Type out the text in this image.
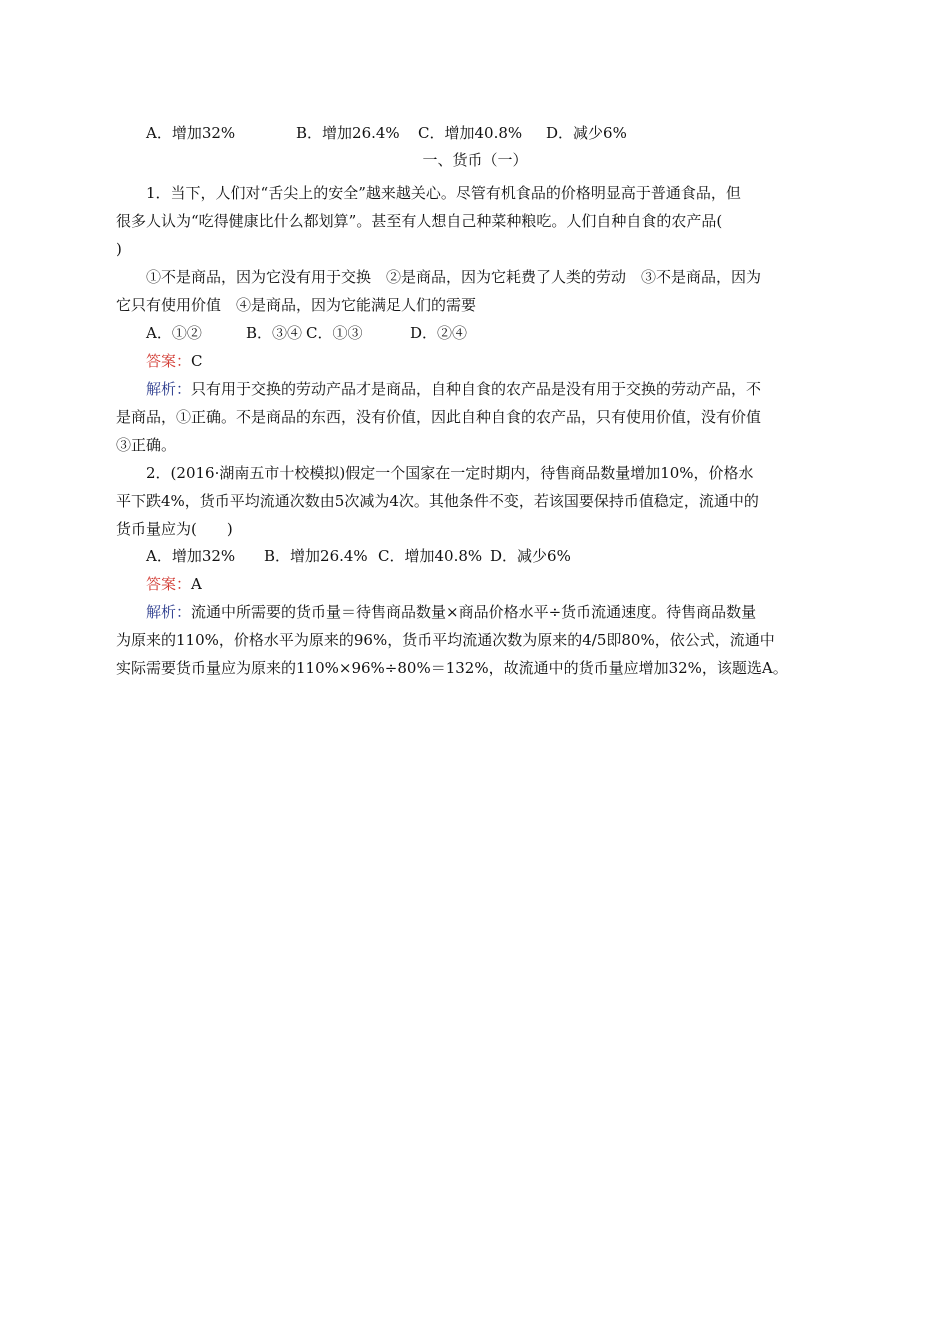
A．增加32%	B．增加26.4% C．增加40.8% D．减少6%
一、货币（一）
1．当下，人们对“舌尖上的安全”越来越关心。尽管有机食品的价格明显高于普通食品，但
很多人认为“吃得健康比什么都划算”。甚至有人想自己种菜种粮吃。人们自种自食的农产品(
)
①不是商品，因为它没有用于交换　②是商品，因为它耗费了人类的劳动　③不是商品，因为
它只有使用价值　④是商品，因为它能满足人们的需要
A．①②	B．③④ C．①③	D．②④
答案：C
解析：只有用于交换的劳动产品才是商品，自种自食的农产品是没有用于交换的劳动产品，不
是商品，①正确。不是商品的东西，没有价值，因此自种自食的农产品，只有使用价值，没有价值
③正确。
2．(2016·湖南五市十校模拟)假定一个国家在一定时期内，待售商品数量增加10%，价格水
平下跌4%，货币平均流通次数由5次减为4次。其他条件不变，若该国要保持币值稳定，流通中的
货币量应为(　　)
A．增加32% B．增加26.4% C．增加40.8% D．减少6%
答案：A
解析：流通中所需要的货币量＝待售商品数量×商品价格水平÷货币流通速度。待售商品数量
为原来的110%，价格水平为原来的96%，货币平均流通次数为原来的4/5即80%，依公式，流通中
实际需要货币量应为原来的110%×96%÷80%＝132%，故流通中的货币量应增加32%，该题选A。
